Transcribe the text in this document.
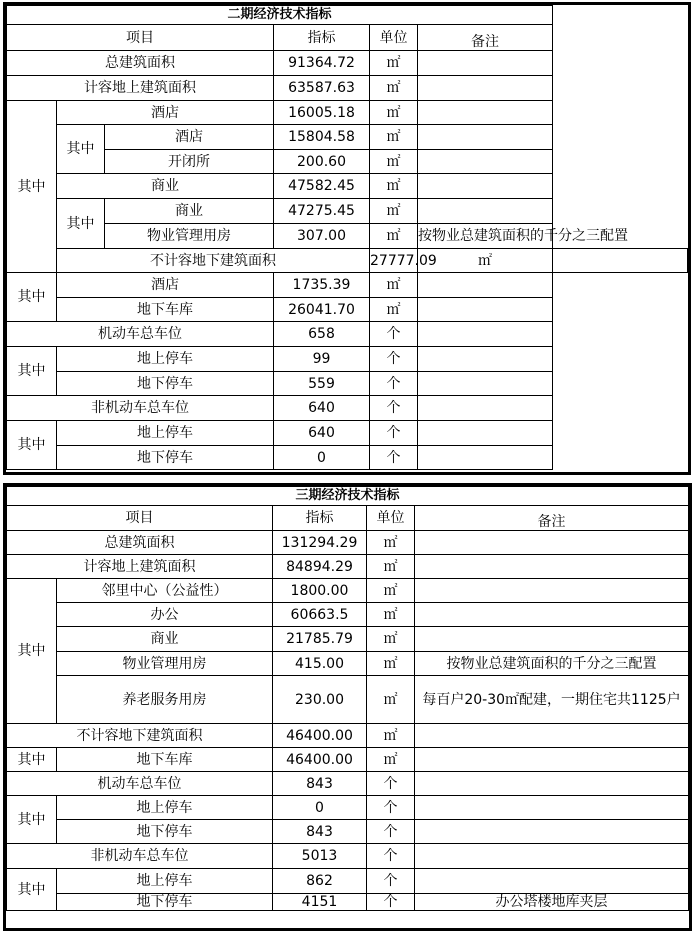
二期经济技术指标						
项目			指标	单位	备注	
总建筑面积			91364.72	㎡		
计容地上建筑面积			63587.63	㎡		
其中	酒店		16005.18	㎡		
	其中	酒店	15804.58	㎡		
		开闭所	200.60	㎡		
	商业		47582.45	㎡		
	其中	商业	47275.45	㎡		
		物业管理用房	307.00	㎡	按物业总建筑面积的千分之三配置	
	不计容地下建筑面积			27777.09	㎡	
其中	酒店		1735.39	㎡		
	地下车库		26041.70	㎡		
机动车总车位			658	个		
其中	地上停车		99	个		
	地下停车		559	个		
非机动车总车位			640	个		
其中	地上停车		640	个		
	地下停车		0	个		
三期经济技术指标				
项目		指标	单位	备注
总建筑面积		131294.29	㎡	
计容地上建筑面积		84894.29	㎡	
其中	邻里中心（公益性）	1800.00	㎡	
	办公	60663.5	㎡	
	商业	21785.79	㎡	
	物业管理用房	415.00	㎡	按物业总建筑面积的千分之三配置
	养老服务用房	230.00	㎡	每百户20-30㎡配建，一期住宅共1125户
不计容地下建筑面积		46400.00	㎡	
其中	地下车库	46400.00	㎡	
机动车总车位		843	个	
其中	地上停车	0	个	
	地下停车	843	个	
非机动车总车位		5013	个	
其中	地上停车	862	个	
	地下停车	4151	个	办公塔楼地库夹层
